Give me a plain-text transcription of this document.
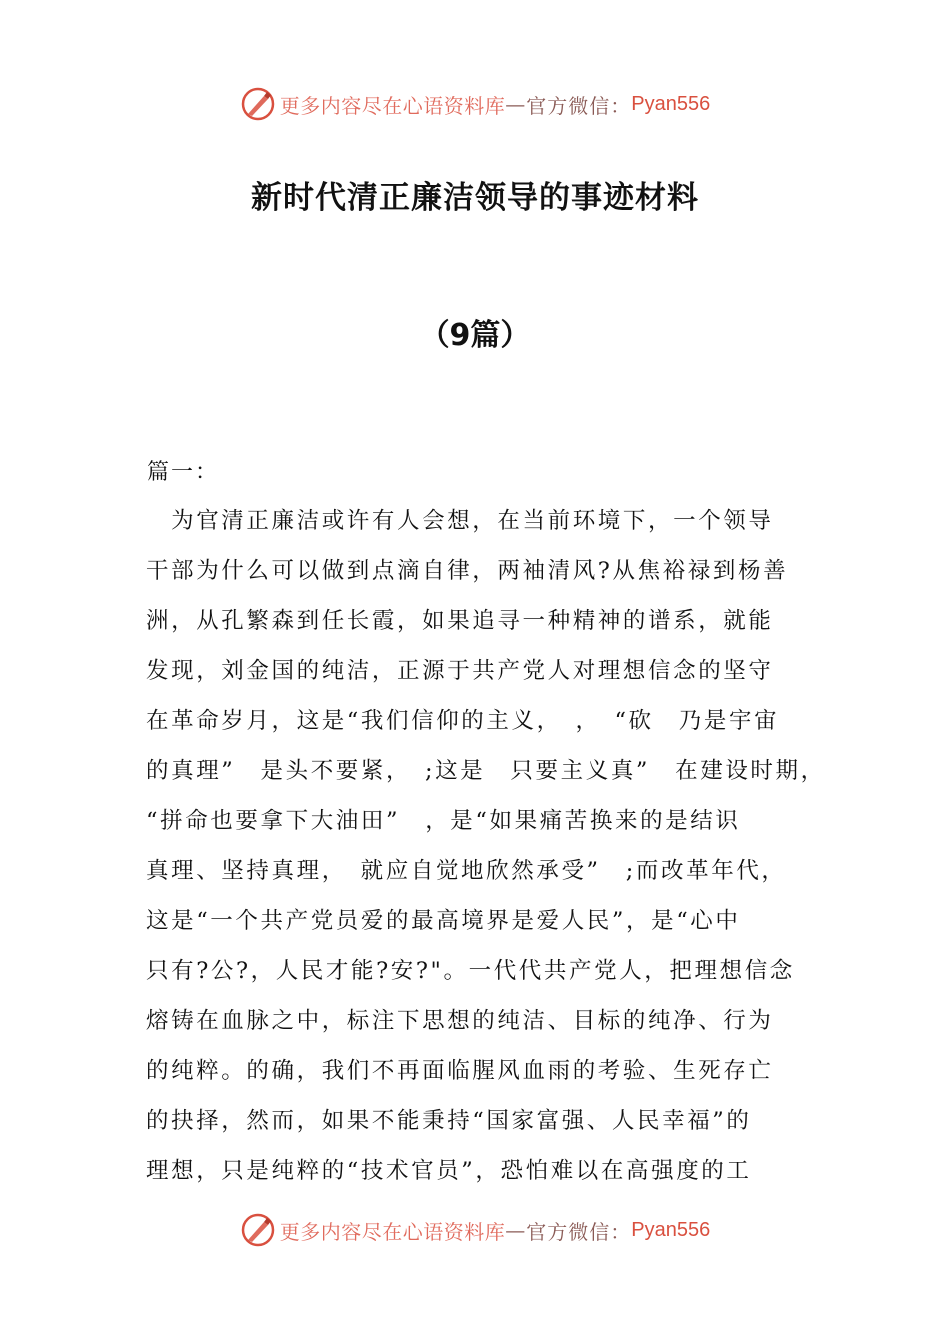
更多内容尽在心语资料库 — 官方微信： Pyan556
新时代清正廉洁领导的事迹材料
（9篇）
篇一：
　为官清正廉洁或许有人会想，在当前环境下，一个领导
干部为什么可以做到点滴自律，两袖清风?从焦裕禄到杨善
洲，从孔繁森到任长霞，如果追寻一种精神的谱系，就能
发现，刘金国的纯洁，正源于共产党人对理想信念的坚守
在革命岁月，这是“我们信仰的主义，　，　“砍　乃是宇宙
的真理”　是头不要紧，　;这是　只要主义真”　在建设时期，
“拼命也要拿下大油田”　，是“如果痛苦换来的是结识
真理、坚持真理，　就应自觉地欣然承受”　;而改革年代，
这是“一个共产党员爱的最高境界是爱人民”，是“心中
只有?公?，人民才能?安?"。一代代共产党人，把理想信念
熔铸在血脉之中，标注下思想的纯洁、目标的纯净、行为
的纯粹。的确，我们不再面临腥风血雨的考验、生死存亡
的抉择，然而，如果不能秉持“国家富强、人民幸福”的
理想，只是纯粹的“技术官员”，恐怕难以在高强度的工
更多内容尽在心语资料库 — 官方微信： Pyan556
